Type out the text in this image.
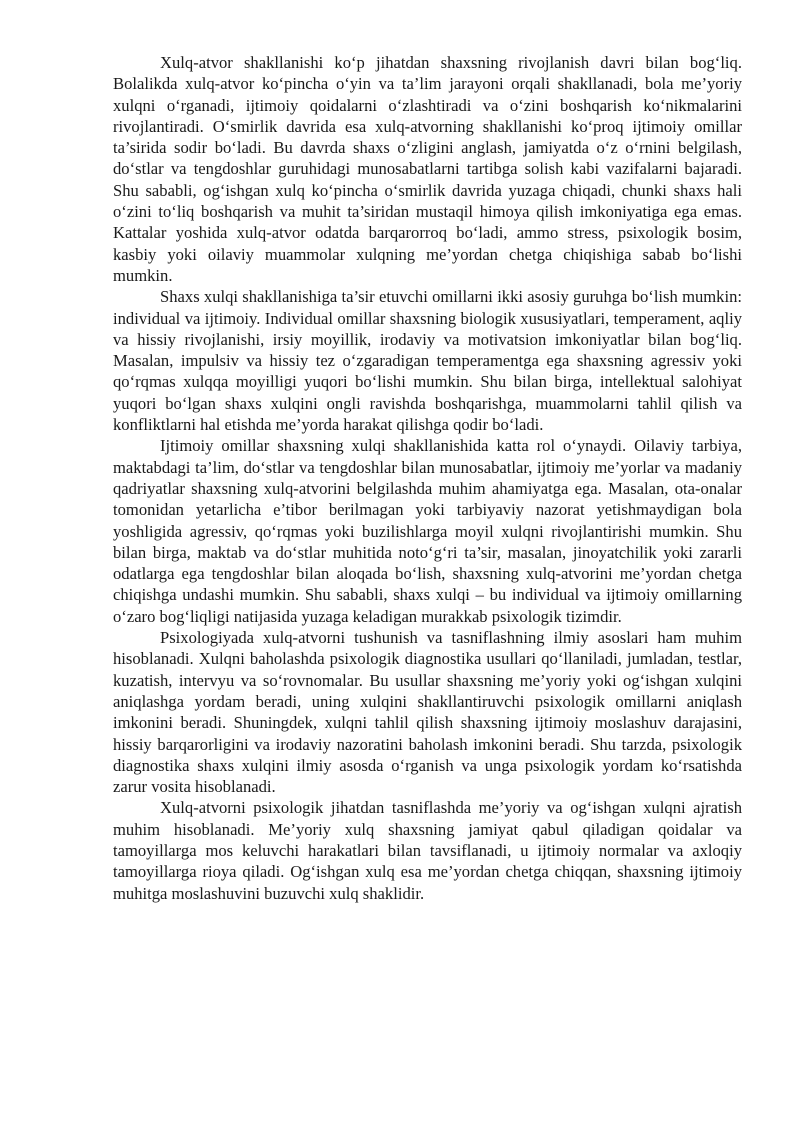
Xulq-atvor shakllanishi ko‘p jihatdan shaxsning rivojlanish davri bilan bog‘liq. Bolalikda xulq-atvor ko‘pincha o‘yin va ta’lim jarayoni orqali shakllanadi, bola me’yoriy xulqni o‘rganadi, ijtimoiy qoidalarni o‘zlashtiradi va o‘zini boshqarish ko‘nikmalarini rivojlantiradi. O‘smirlik davrida esa xulq-atvorning shakllanishi ko‘proq ijtimoiy omillar ta’sirida sodir bo‘ladi. Bu davrda shaxs o‘zligini anglash, jamiyatda o‘z o‘rnini belgilash, do‘stlar va tengdoshlar guruhidagi munosabatlarni tartibga solish kabi vazifalarni bajaradi. Shu sababli, og‘ishgan xulq ko‘pincha o‘smirlik davrida yuzaga chiqadi, chunki shaxs hali o‘zini to‘liq boshqarish va muhit ta’siridan mustaqil himoya qilish imkoniyatiga ega emas. Kattalar yoshida xulq-atvor odatda barqarorroq bo‘ladi, ammo stress, psixologik bosim, kasbiy yoki oilaviy muammolar xulqning me’yordan chetga chiqishiga sabab bo‘lishi mumkin.

Shaxs xulqi shakllanishiga ta’sir etuvchi omillarni ikki asosiy guruhga bo‘lish mumkin: individual va ijtimoiy. Individual omillar shaxsning biologik xususiyatlari, temperament, aqliy va hissiy rivojlanishi, irsiy moyillik, irodaviy va motivatsion imkoniyatlar bilan bog‘liq. Masalan, impulsiv va hissiy tez o‘zgaradigan temperamentga ega shaxsning agressiv yoki qo‘rqmas xulqqa moyilligi yuqori bo‘lishi mumkin. Shu bilan birga, intellektual salohiyat yuqori bo‘lgan shaxs xulqini ongli ravishda boshqarishga, muammolarni tahlil qilish va konfliktlarni hal etishda me’yorda harakat qilishga qodir bo‘ladi.

Ijtimoiy omillar shaxsning xulqi shakllanishida katta rol o‘ynaydi. Oilaviy tarbiya, maktabdagi ta’lim, do‘stlar va tengdoshlar bilan munosabatlar, ijtimoiy me’yorlar va madaniy qadriyatlar shaxsning xulq-atvorini belgilashda muhim ahamiyatga ega. Masalan, ota-onalar tomonidan yetarlicha e’tibor berilmagan yoki tarbiyaviy nazorat yetishmaydigan bola yoshligida agressiv, qo‘rqmas yoki buzilishlarga moyil xulqni rivojlantirishi mumkin. Shu bilan birga, maktab va do‘stlar muhitida noto‘g‘ri ta’sir, masalan, jinoyatchilik yoki zararli odatlarga ega tengdoshlar bilan aloqada bo‘lish, shaxsning xulq-atvorini me’yordan chetga chiqishga undashi mumkin. Shu sababli, shaxs xulqi – bu individual va ijtimoiy omillarning o‘zaro bog‘liqligi natijasida yuzaga keladigan murakkab psixologik tizimdir.

Psixologiyada xulq-atvorni tushunish va tasniflashning ilmiy asoslari ham muhim hisoblanadi. Xulqni baholashda psixologik diagnostika usullari qo‘llaniladi, jumladan, testlar, kuzatish, intervyu va so‘rovnomalar. Bu usullar shaxsning me’yoriy yoki og‘ishgan xulqini aniqlashga yordam beradi, uning xulqini shakllantiruvchi psixologik omillarni aniqlash imkonini beradi. Shuningdek, xulqni tahlil qilish shaxsning ijtimoiy moslashuv darajasini, hissiy barqarorligini va irodaviy nazoratini baholash imkonini beradi. Shu tarzda, psixologik diagnostika shaxs xulqini ilmiy asosda o‘rganish va unga psixologik yordam ko‘rsatishda zarur vosita hisoblanadi.

Xulq-atvorni psixologik jihatdan tasniflashda me’yoriy va og‘ishgan xulqni ajratish muhim hisoblanadi. Me’yoriy xulq shaxsning jamiyat qabul qiladigan qoidalar va tamoyillarga mos keluvchi harakatlari bilan tavsiflanadi, u ijtimoiy normalar va axloqiy tamoyillarga rioya qiladi. Og‘ishgan xulq esa me’yordan chetga chiqqan, shaxsning ijtimoiy muhitga moslashuvini buzuvchi xulq shaklidir.
